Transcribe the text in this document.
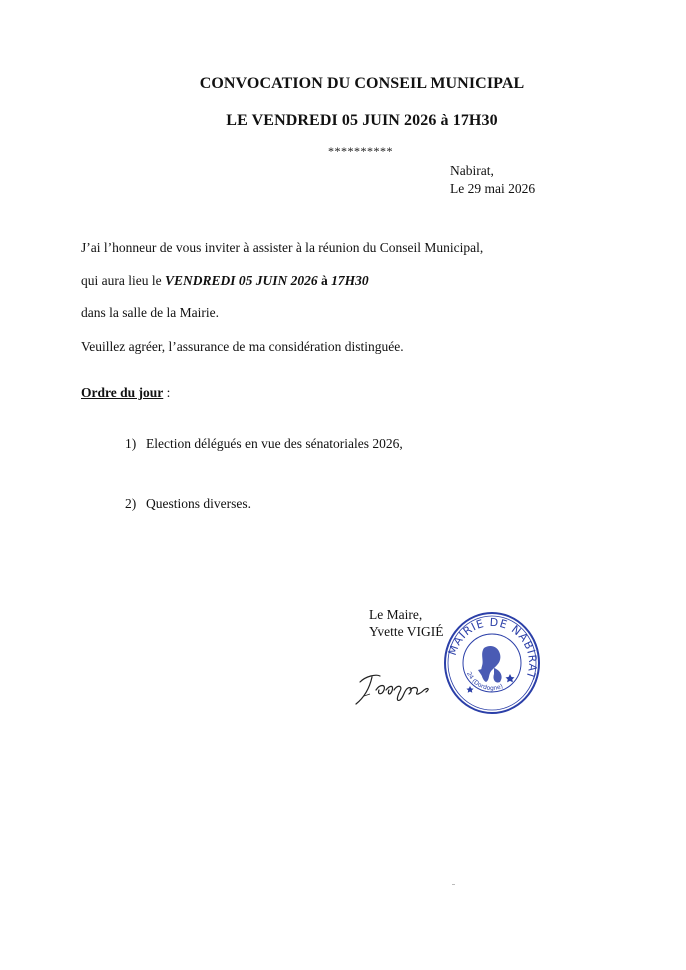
CONVOCATION DU CONSEIL MUNICIPAL
LE VENDREDI 05 JUIN 2026 à 17H30
**********
Nabirat,
Le 29 mai 2026
J’ai l’honneur de vous inviter à assister à la réunion du Conseil Municipal,
qui aura lieu le VENDREDI 05 JUIN 2026 à 17H30
dans la salle de la Mairie.
Veuillez agréer, l’assurance de ma considération distinguée.
Ordre du jour :
1) Election délégués en vue des sénatoriales 2026,
2) Questions diverses.
Le Maire,
Yvette VIGIÉ
MAIRIE DE NABIRAT
24 (Dordogne)
